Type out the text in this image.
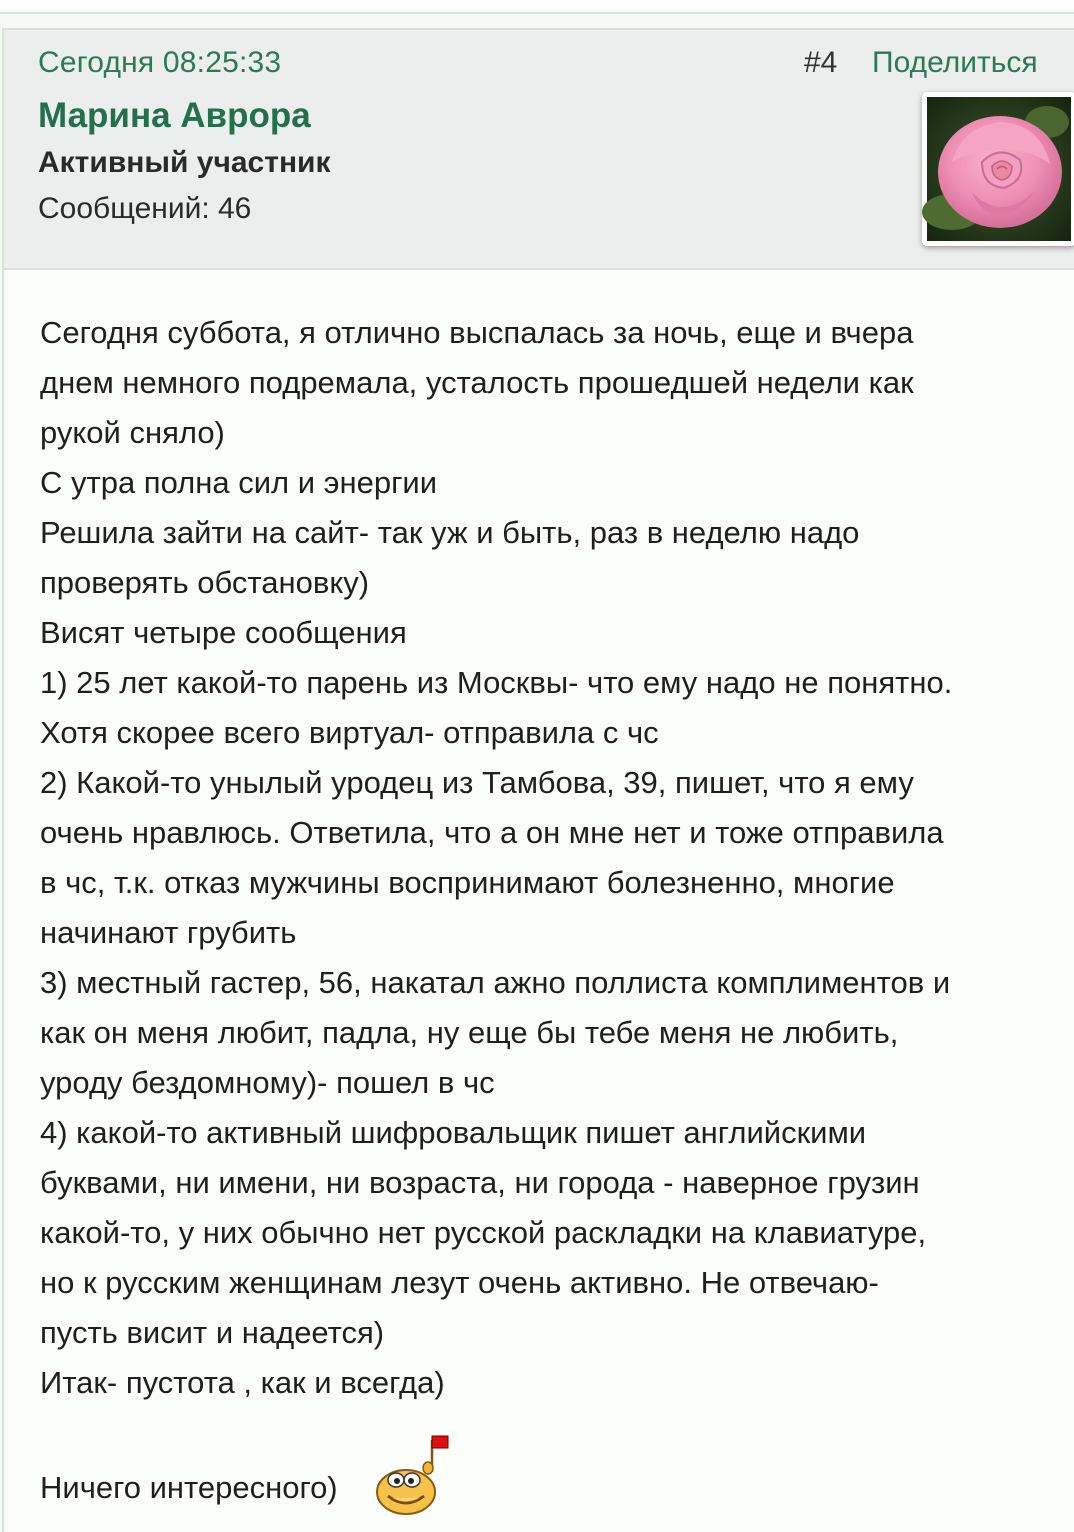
Сегодня 08:25:33	#4 Поделиться
Марина Аврора
Активный участник
Сообщений: 46
Сегодня суббота, я отлично выспалась за ночь, еще и вчера
днем немного подремала, усталость прошедшей недели как
рукой сняло)
С утра полна сил и энергии
Решила зайти на сайт- так уж и быть, раз в неделю надо
проверять обстановку)
Висят четыре сообщения
1) 25 лет какой-то парень из Москвы- что ему надо не понятно.
Хотя скорее всего виртуал- отправила с чс
2) Какой-то унылый уродец из Тамбова, 39, пишет, что я ему
очень нравлюсь. Ответила, что а он мне нет и тоже отправила
в чс, т.к. отказ мужчины воспринимают болезненно, многие
начинают грубить
3) местный гастер, 56, накатал ажно поллиста комплиментов и
как он меня любит, падла, ну еще бы тебе меня не любить,
уроду бездомному)- пошел в чс
4) какой-то активный шифровальщик пишет английскими
буквами, ни имени, ни возраста, ни города - наверное грузин
какой-то, у них обычно нет русской раскладки на клавиатуре,
но к русским женщинам лезут очень активно. Не отвечаю-
пусть висит и надеется)
Итак- пустота , как и всегда)
Ничего интересного)
